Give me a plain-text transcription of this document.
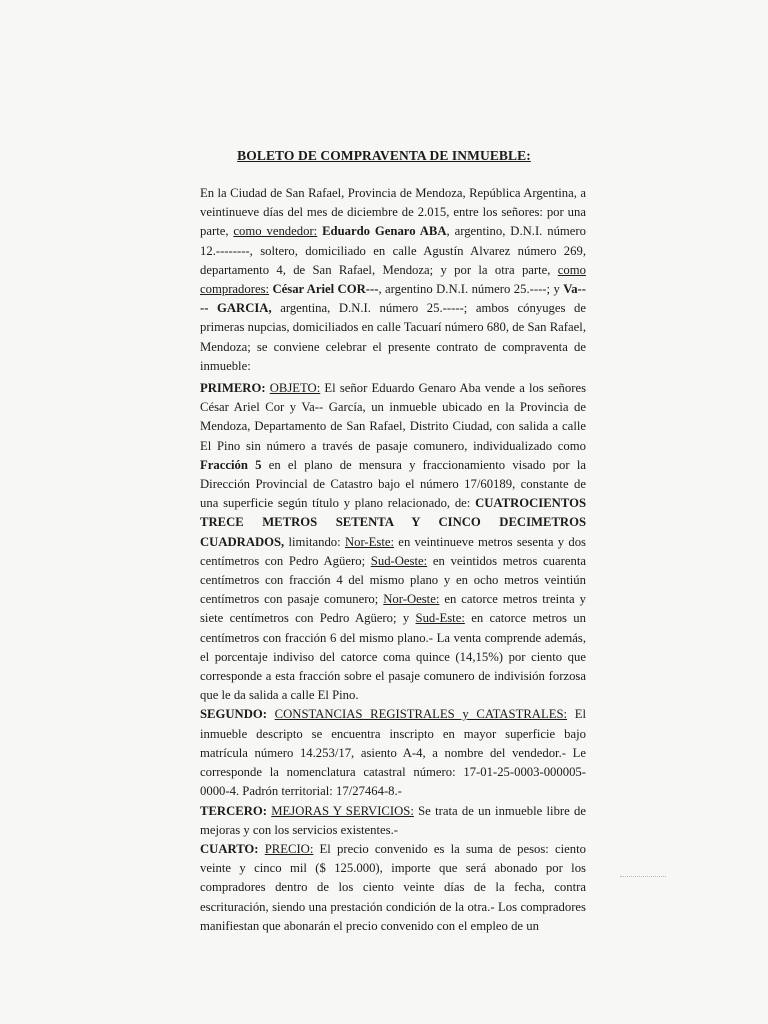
BOLETO DE COMPRAVENTA DE INMUEBLE:

En la Ciudad de San Rafael, Provincia de Mendoza, República Argentina, a veintinueve días del mes de diciembre de 2.015, entre los señores: por una parte, como vendedor: Eduardo Genaro ABA, argentino, D.N.I. número 12.--------, soltero, domiciliado en calle Agustín Alvarez número 269, departamento 4, de San Rafael, Mendoza; y por la otra parte, como compradores: César Ariel COR---, argentino D.N.I. número 25.----; y Va---- GARCIA, argentina, D.N.I. número 25.-----; ambos cónyuges de primeras nupcias, domiciliados en calle Tacuarí número 680, de San Rafael, Mendoza; se conviene celebrar el presente contrato de compraventa de inmueble:

PRIMERO: OBJETO: El señor Eduardo Genaro Aba vende a los señores César Ariel Cor y Va-- García, un inmueble ubicado en la Provincia de Mendoza, Departamento de San Rafael, Distrito Ciudad, con salida a calle El Pino sin número a través de pasaje comunero, individualizado como Fracción 5 en el plano de mensura y fraccionamiento visado por la Dirección Provincial de Catastro bajo el número 17/60189, constante de una superficie según título y plano relacionado, de: CUATROCIENTOS TRECE METROS SETENTA Y CINCO DECIMETROS CUADRADOS, limitando: Nor-Este: en veintinueve metros sesenta y dos centímetros con Pedro Agüero; Sud-Oeste: en veintidos metros cuarenta centímetros con fracción 4 del mismo plano y en ocho metros veintiún centímetros con pasaje comunero; Nor-Oeste: en catorce metros treinta y siete centímetros con Pedro Agüero; y Sud-Este: en catorce metros un centímetros con fracción 6 del mismo plano.- La venta comprende además, el porcentaje indiviso del catorce coma quince (14,15%) por ciento que corresponde a esta fracción sobre el pasaje comunero de indivisión forzosa que le da salida a calle El Pino.

SEGUNDO: CONSTANCIAS REGISTRALES y CATASTRALES: El inmueble descripto se encuentra inscripto en mayor superficie bajo matrícula número 14.253/17, asiento A-4, a nombre del vendedor.- Le corresponde la nomenclatura catastral número: 17-01-25-0003-000005-0000-4. Padrón territorial: 17/27464-8.-

TERCERO: MEJORAS Y SERVICIOS: Se trata de un inmueble libre de mejoras y con los servicios existentes.-

CUARTO: PRECIO: El precio convenido es la suma de pesos: ciento veinte y cinco mil ($ 125.000), importe que será abonado por los compradores dentro de los ciento veinte días de la fecha, contra escrituración, siendo una prestación condición de la otra.- Los compradores manifiestan que abonarán el precio convenido con el empleo de un
